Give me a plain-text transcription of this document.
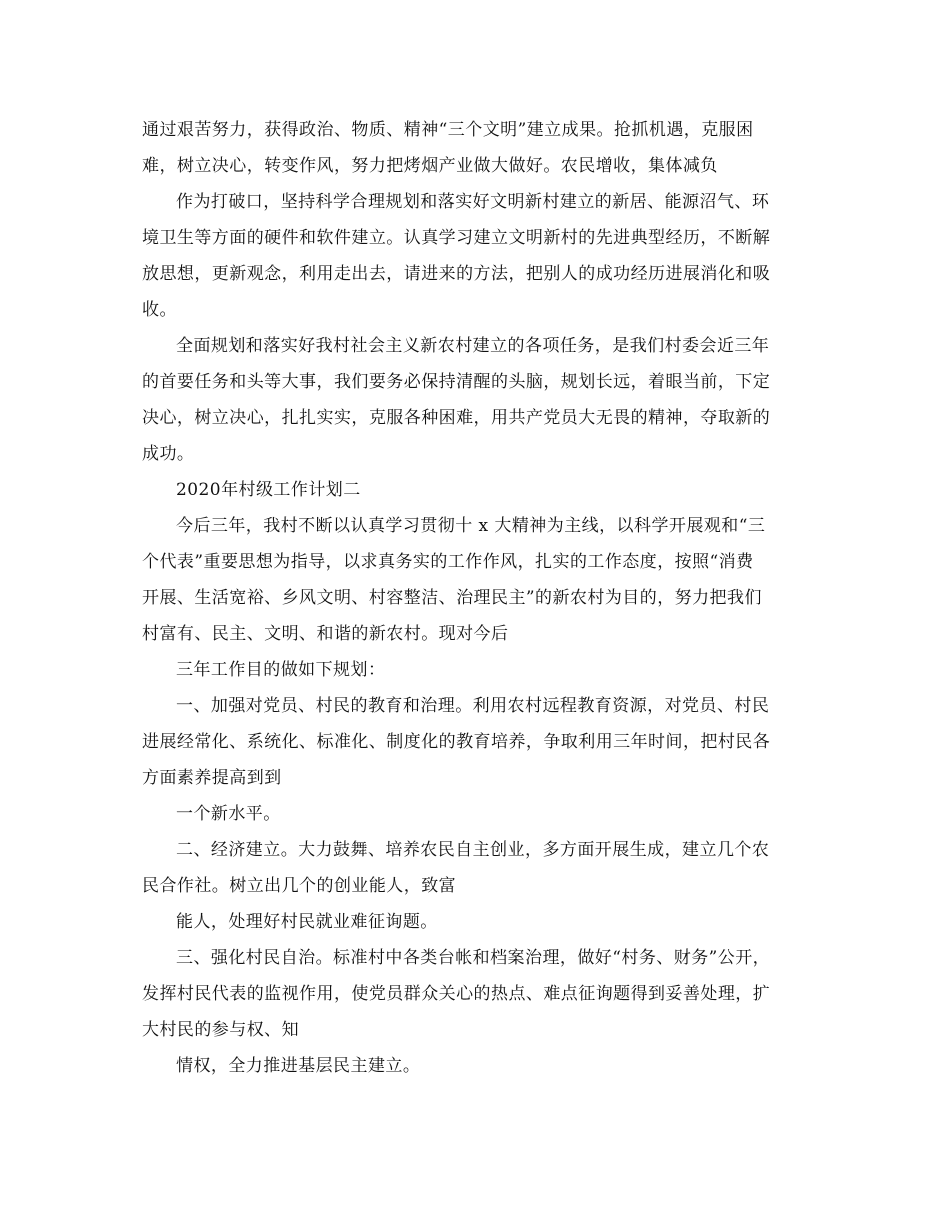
通过艰苦努力，获得政治、物质、精神“三个文明”建立成果。抢抓机遇，克服困
难，树立决心，转变作风，努力把烤烟产业做大做好。农民增收，集体减负
作为打破口，坚持科学合理规划和落实好文明新村建立的新居、能源沼气、环
境卫生等方面的硬件和软件建立。认真学习建立文明新村的先进典型经历，不断解
放思想，更新观念，利用走出去，请进来的方法，把别人的成功经历进展消化和吸
收。
全面规划和落实好我村社会主义新农村建立的各项任务，是我们村委会近三年
的首要任务和头等大事，我们要务必保持清醒的头脑，规划长远，着眼当前，下定
决心，树立决心，扎扎实实，克服各种困难，用共产党员大无畏的精神，夺取新的
成功。
2020年村级工作计划二
今后三年，我村不断以认真学习贯彻十 x 大精神为主线，以科学开展观和“三
个代表”重要思想为指导，以求真务实的工作作风，扎实的工作态度，按照“消费
开展、生活宽裕、乡风文明、村容整洁、治理民主”的新农村为目的，努力把我们
村富有、民主、文明、和谐的新农村。现对今后
三年工作目的做如下规划：
一、加强对党员、村民的教育和治理。利用农村远程教育资源，对党员、村民
进展经常化、系统化、标准化、制度化的教育培养，争取利用三年时间，把村民各
方面素养提高到到
一个新水平。
二、经济建立。大力鼓舞、培养农民自主创业，多方面开展生成，建立几个农
民合作社。树立出几个的创业能人，致富
能人，处理好村民就业难征询题。
三、强化村民自治。标准村中各类台帐和档案治理，做好“村务、财务”公开，
发挥村民代表的监视作用，使党员群众关心的热点、难点征询题得到妥善处理，扩
大村民的参与权、知
情权，全力推进基层民主建立。
